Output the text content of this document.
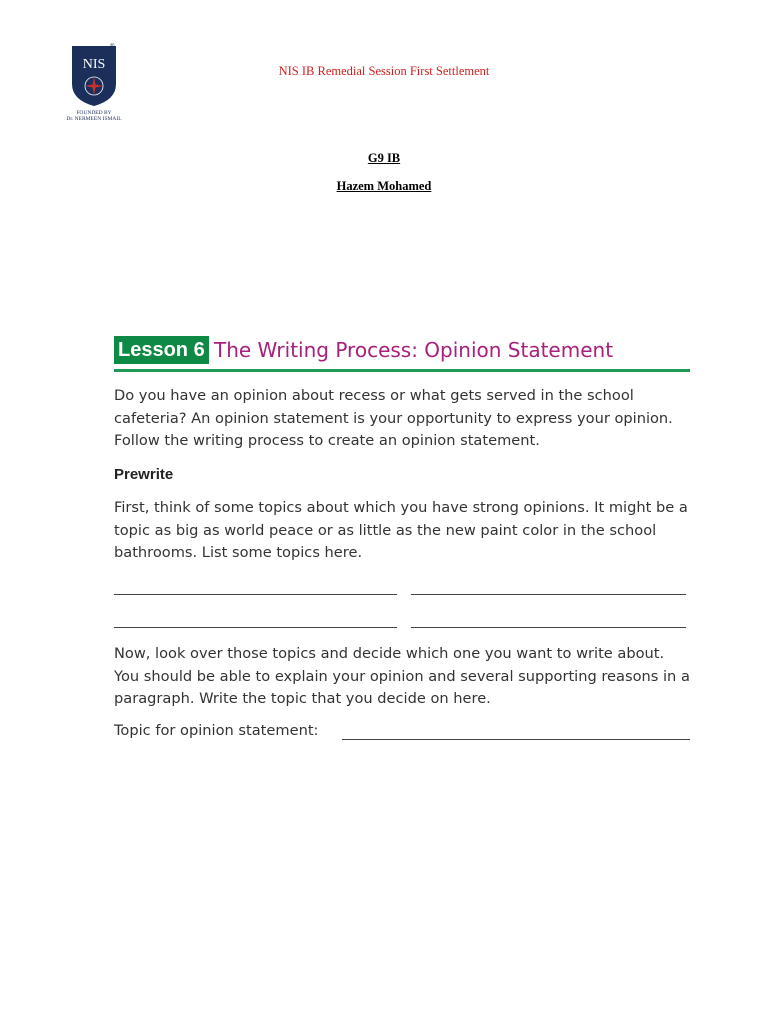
NIS
®
FOUNDED BY
Dr. NERMEEN ISMAIL
NIS IB Remedial Session First Settlement
G9 IB
Hazem Mohamed
Lesson 6 The Writing Process: Opinion Statement
Do you have an opinion about recess or what gets served in the school cafeteria? An opinion statement is your opportunity to express your opinion. Follow the writing process to create an opinion statement.
Prewrite
First, think of some topics about which you have strong opinions. It might be a topic as big as world peace or as little as the new paint color in the school bathrooms. List some topics here.
Now, look over those topics and decide which one you want to write about. You should be able to explain your opinion and several supporting reasons in a paragraph. Write the topic that you decide on here.
Topic for opinion statement:
